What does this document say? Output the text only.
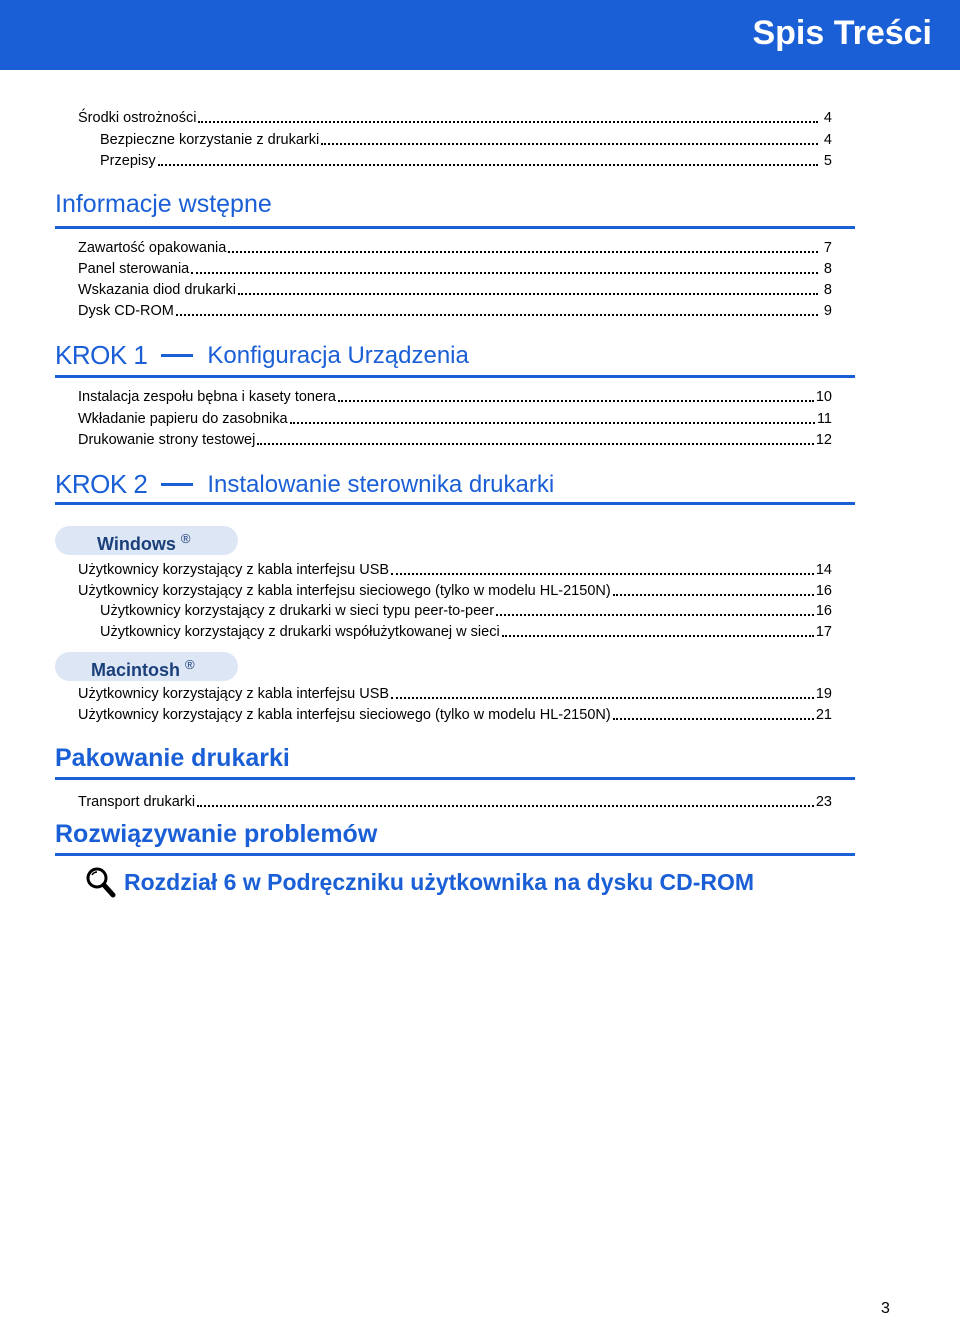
Spis Treści
Środki ostrożności	4
Bezpieczne korzystanie z drukarki	4
Przepisy	5
Informacje wstępne
Zawartość opakowania	7
Panel sterowania	8
Wskazania diod drukarki	8
Dysk CD-ROM	9
KROK 1	Konfiguracja Urządzenia
Instalacja zespołu bębna i kasety tonera	10
Wkładanie papieru do zasobnika	11
Drukowanie strony testowej	12
KROK 2	Instalowanie sterownika drukarki
Windows ®
Użytkownicy korzystający z kabla interfejsu USB	14
Użytkownicy korzystający z kabla interfejsu sieciowego (tylko w modelu HL-2150N)	16
Użytkownicy korzystający z drukarki w sieci typu peer-to-peer	16
Użytkownicy korzystający z drukarki współużytkowanej w sieci	17
Macintosh ®
Użytkownicy korzystający z kabla interfejsu USB	19
Użytkownicy korzystający z kabla interfejsu sieciowego (tylko w modelu HL-2150N)	21
Pakowanie drukarki
Transport drukarki	23
Rozwiązywanie problemów
Rozdział 6 w Podręczniku użytkownika na dysku CD-ROM
3
